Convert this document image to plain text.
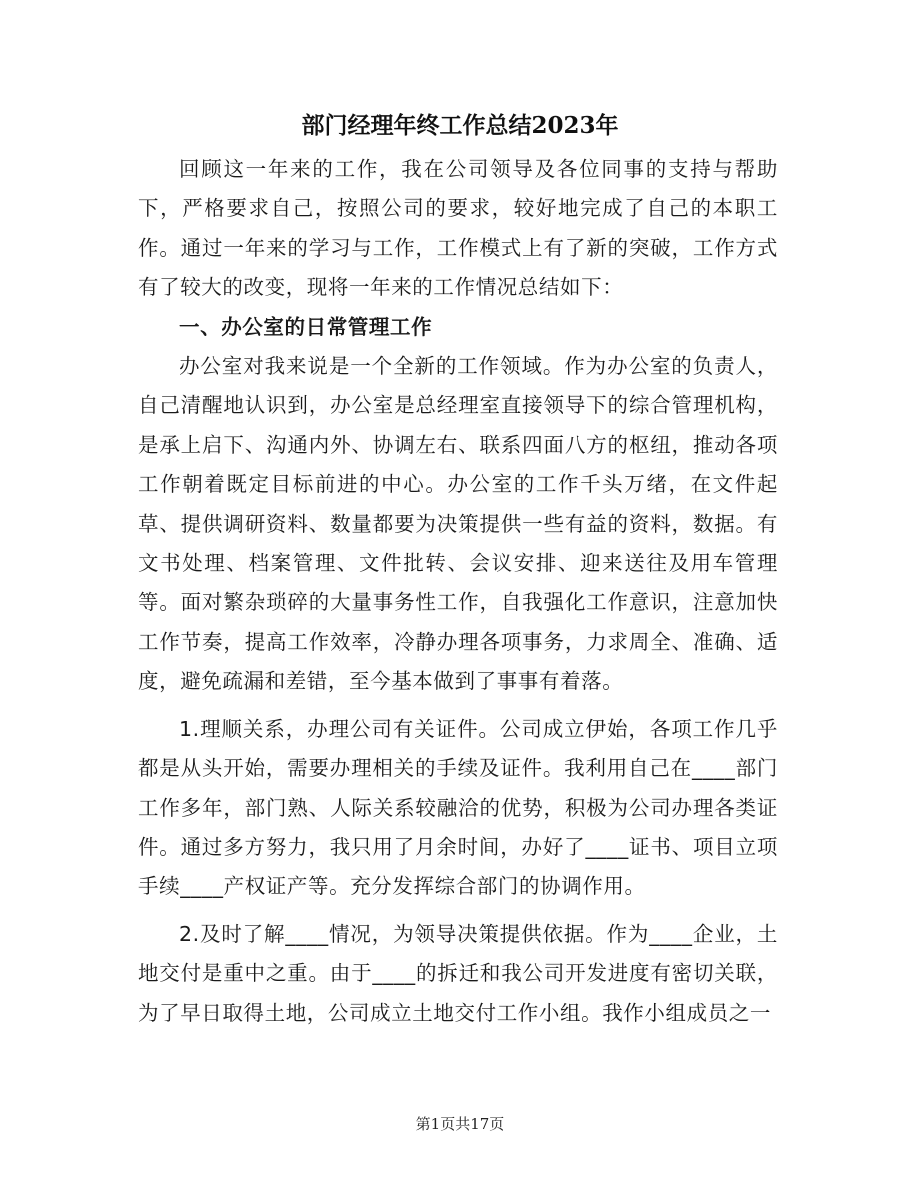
部门经理年终工作总结2023年

回顾这一年来的工作，我在公司领导及各位同事的支持与帮助下，严格要求自己，按照公司的要求，较好地完成了自己的本职工作。通过一年来的学习与工作，工作模式上有了新的突破，工作方式有了较大的改变，现将一年来的工作情况总结如下：

一、办公室的日常管理工作

办公室对我来说是一个全新的工作领域。作为办公室的负责人，自己清醒地认识到，办公室是总经理室直接领导下的综合管理机构，是承上启下、沟通内外、协调左右、联系四面八方的枢纽，推动各项工作朝着既定目标前进的中心。办公室的工作千头万绪，在文件起草、提供调研资料、数量都要为决策提供一些有益的资料，数据。有文书处理、档案管理、文件批转、会议安排、迎来送往及用车管理等。面对繁杂琐碎的大量事务性工作，自我强化工作意识，注意加快工作节奏，提高工作效率，冷静办理各项事务，力求周全、准确、适度，避免疏漏和差错，至今基本做到了事事有着落。

1.理顺关系，办理公司有关证件。公司成立伊始，各项工作几乎都是从头开始，需要办理相关的手续及证件。我利用自己在____部门工作多年，部门熟、人际关系较融洽的优势，积极为公司办理各类证件。通过多方努力，我只用了月余时间，办好了____证书、项目立项手续____产权证产等。充分发挥综合部门的协调作用。

2.及时了解____情况，为领导决策提供依据。作为____企业，土地交付是重中之重。由于____的拆迁和我公司开发进度有密切关联，为了早日取得土地，公司成立土地交付工作小组。我作小组成员之一

第1页共17页
